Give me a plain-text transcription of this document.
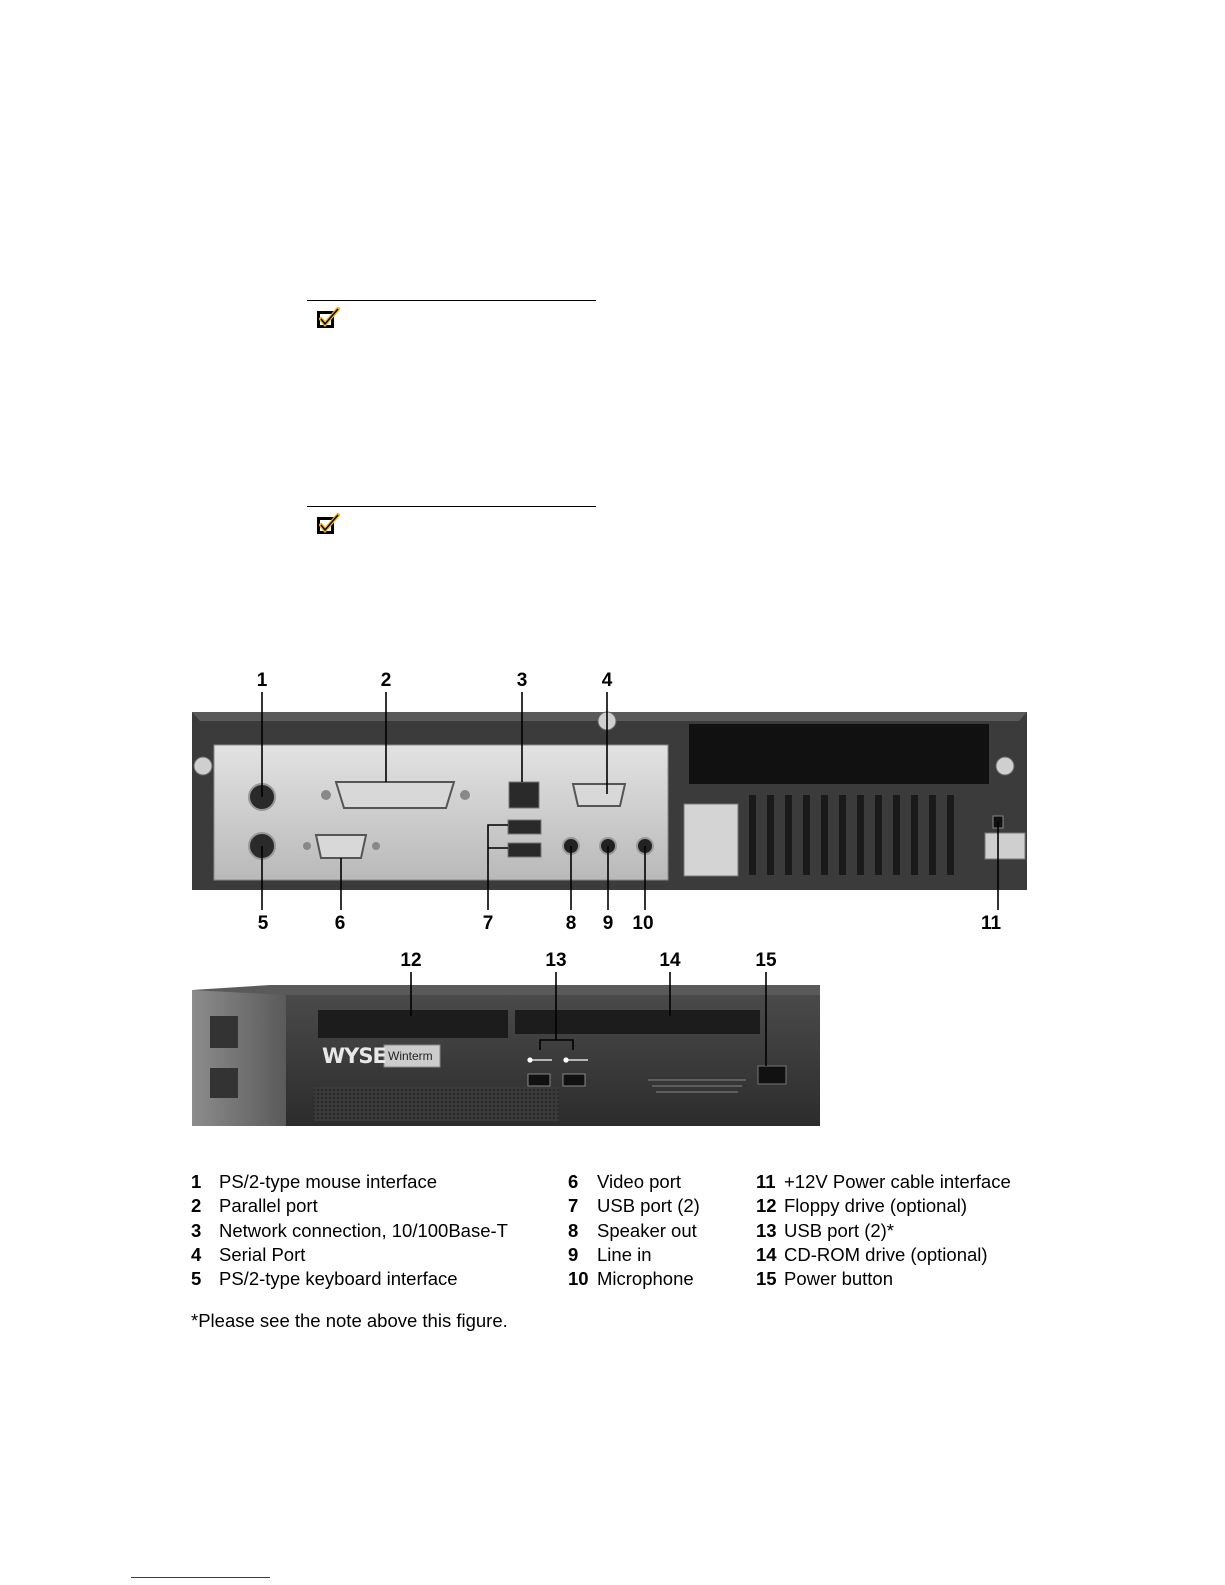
WYSE Winterm
1	2	3	4
5	6	7	8 9 10	11
12	13	14	15
1 PS/2-type mouse interface
2 Parallel port
3 Network connection, 10/100Base-T
4 Serial Port
5 PS/2-type keyboard interface
6 Video port
7 USB port (2)
8 Speaker out
9 Line in
10 Microphone
11 +12V Power cable interface
12 Floppy drive (optional)
13 USB port (2)*
14 CD-ROM drive (optional)
15 Power button
*Please see the note above this figure.
